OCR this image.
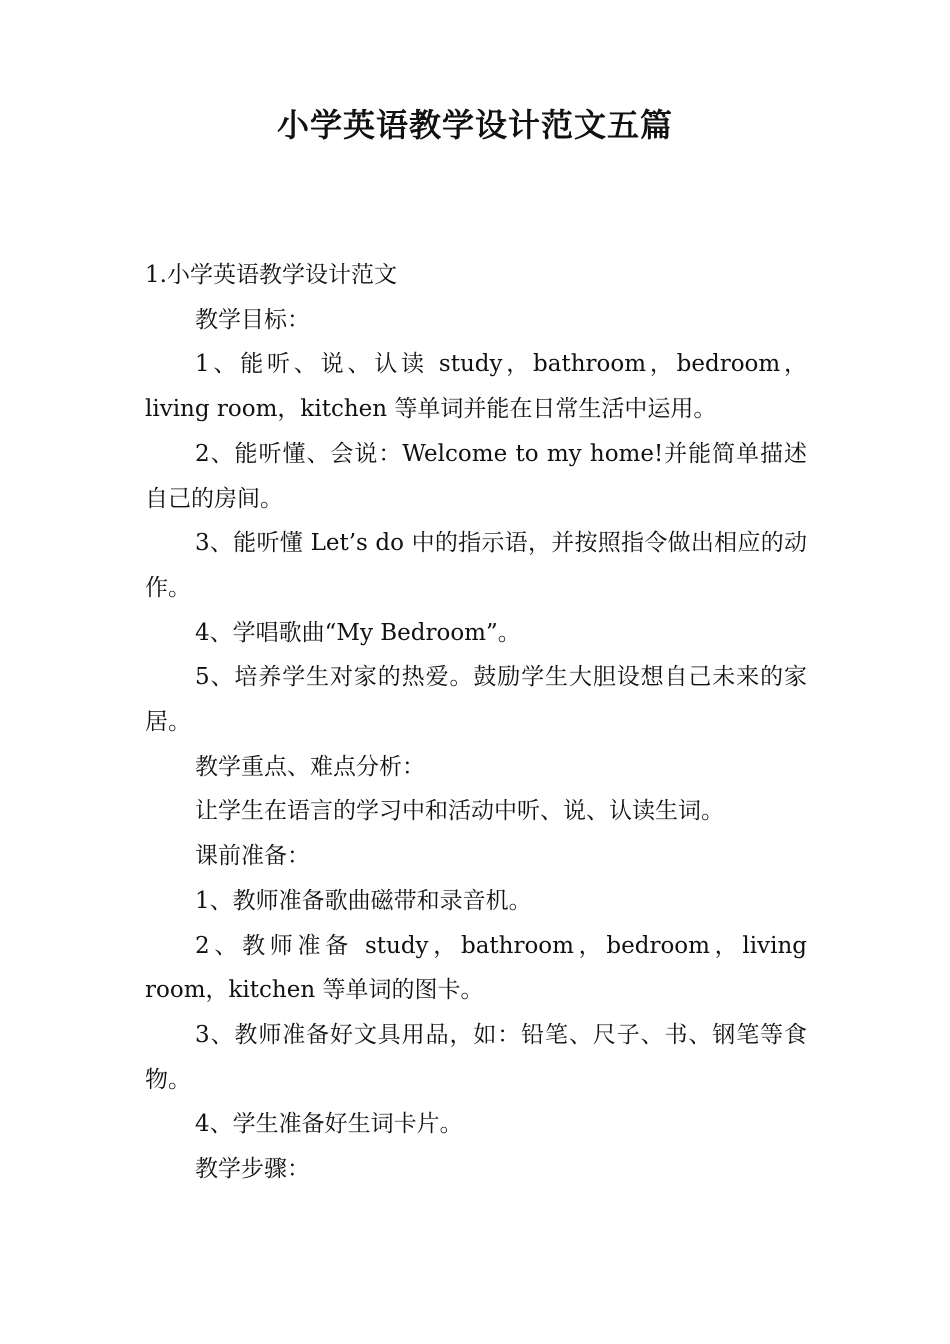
小学英语教学设计范文五篇

1.小学英语教学设计范文

教学目标：

1、能听、说、认读 study，bathroom，bedroom，living room，kitchen 等单词并能在日常生活中运用。

2、能听懂、会说：Welcome to my home!并能简单描述自己的房间。

3、能听懂 Let’s do 中的指示语，并按照指令做出相应的动作。

4、学唱歌曲“My Bedroom”。

5、培养学生对家的热爱。鼓励学生大胆设想自己未来的家居。

教学重点、难点分析：

让学生在语言的学习中和活动中听、说、认读生词。

课前准备：

1、教师准备歌曲磁带和录音机。

2、教师准备 study，bathroom，bedroom，living room，kitchen 等单词的图卡。

3、教师准备好文具用品，如：铅笔、尺子、书、钢笔等食物。

4、学生准备好生词卡片。

教学步骤：
